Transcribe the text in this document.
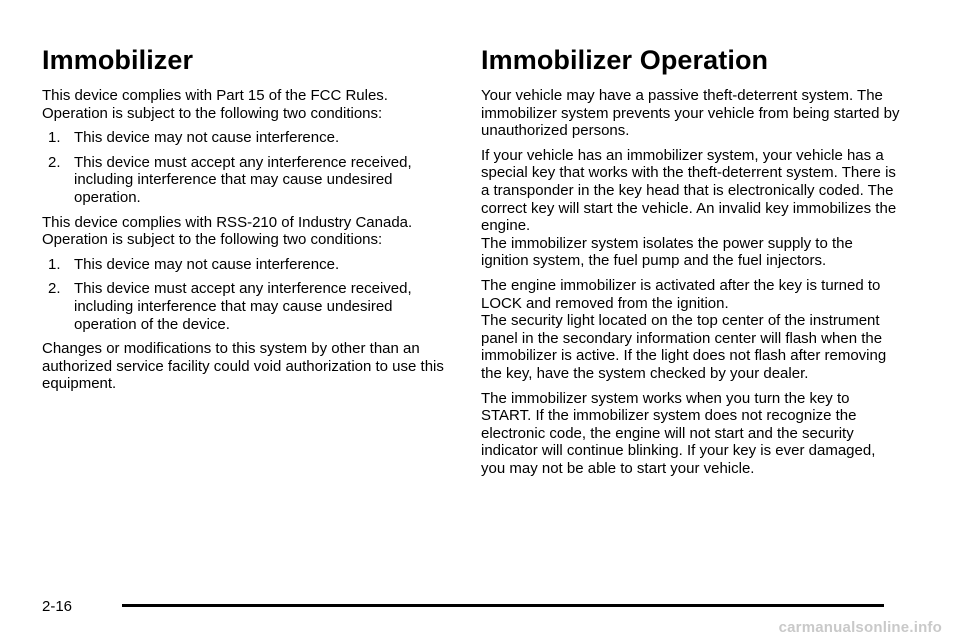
Immobilizer

This device complies with Part 15 of the FCC Rules. Operation is subject to the following two conditions:

1. This device may not cause interference.
2. This device must accept any interference received, including interference that may cause undesired operation.

This device complies with RSS-210 of Industry Canada. Operation is subject to the following two conditions:

1. This device may not cause interference.
2. This device must accept any interference received, including interference that may cause undesired operation of the device.

Changes or modifications to this system by other than an authorized service facility could void authorization to use this equipment.

Immobilizer Operation

Your vehicle may have a passive theft-deterrent system. The immobilizer system prevents your vehicle from being started by unauthorized persons.

If your vehicle has an immobilizer system, your vehicle has a special key that works with the theft-deterrent system. There is a transponder in the key head that is electronically coded. The correct key will start the vehicle. An invalid key immobilizes the engine.
The immobilizer system isolates the power supply to the ignition system, the fuel pump and the fuel injectors.

The engine immobilizer is activated after the key is turned to LOCK and removed from the ignition.
The security light located on the top center of the instrument panel in the secondary information center will flash when the immobilizer is active. If the light does not flash after removing the key, have the system checked by your dealer.

The immobilizer system works when you turn the key to START. If the immobilizer system does not recognize the electronic code, the engine will not start and the security indicator will continue blinking. If your key is ever damaged, you may not be able to start your vehicle.

2-16
carmanualsonline.info
